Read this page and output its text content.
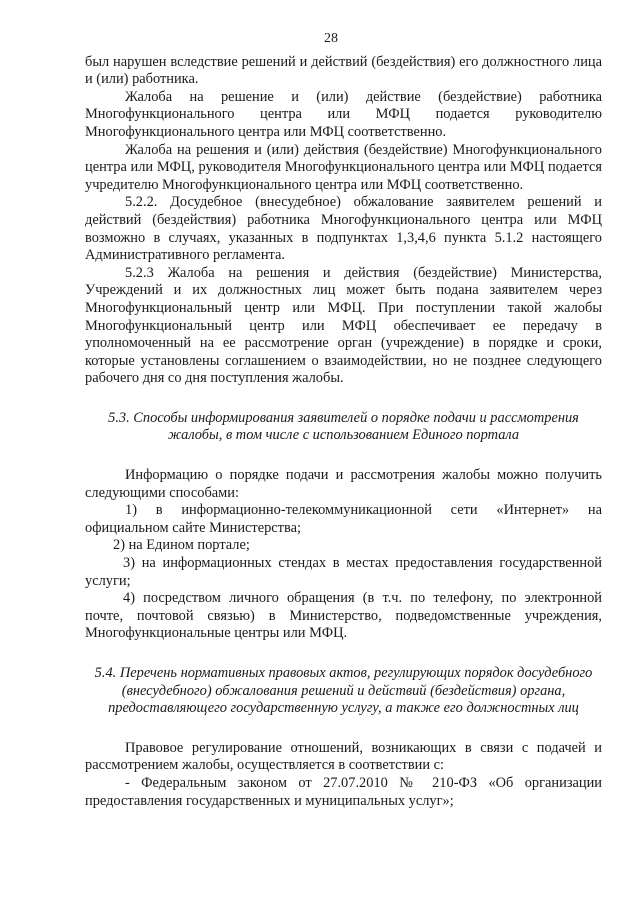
28

был нарушен вследствие решений и действий (бездействия) его должностного лица и (или) работника.

Жалоба на решение и (или) действие (бездействие) работника Многофункционального центра или МФЦ подается руководителю Многофункционального центра или МФЦ соответственно.

Жалоба на решения и (или) действия (бездействие) Многофункционального центра или МФЦ, руководителя Многофункционального центра или МФЦ подается учредителю Многофункционального центра или МФЦ соответственно.

5.2.2. Досудебное (внесудебное) обжалование заявителем решений и действий (бездействия) работника Многофункционального центра или МФЦ возможно в случаях, указанных в подпунктах 1,3,4,6 пункта 5.1.2 настоящего Административного регламента.

5.2.3 Жалоба на решения и действия (бездействие) Министерства, Учреждений и их должностных лиц может быть подана заявителем через Многофункциональный центр или МФЦ. При поступлении такой жалобы Многофункциональный центр или МФЦ обеспечивает ее передачу в уполномоченный на ее рассмотрение орган (учреждение) в порядке и сроки, которые установлены соглашением о взаимодействии, но не позднее следующего рабочего дня со дня поступления жалобы.

5.3. Способы информирования заявителей о порядке подачи и рассмотрения жалобы, в том числе с использованием Единого портала

Информацию о порядке подачи и рассмотрения жалобы можно получить следующими способами:

1) в информационно-телекоммуникационной сети «Интернет» на официальном сайте Министерства;

2) на Едином портале;

3) на информационных стендах в местах предоставления государственной услуги;

4) посредством личного обращения (в т.ч. по телефону, по электронной почте, почтовой связью) в Министерство, подведомственные учреждения, Многофункциональные центры или МФЦ.

5.4. Перечень нормативных правовых актов, регулирующих порядок досудебного (внесудебного) обжалования решений и действий (бездействия) органа, предоставляющего государственную услугу, а также его должностных лиц

Правовое регулирование отношений, возникающих в связи с подачей и рассмотрением жалобы, осуществляется в соответствии с:

- Федеральным законом от 27.07.2010 № 210-ФЗ «Об организации предоставления государственных и муниципальных услуг»;
